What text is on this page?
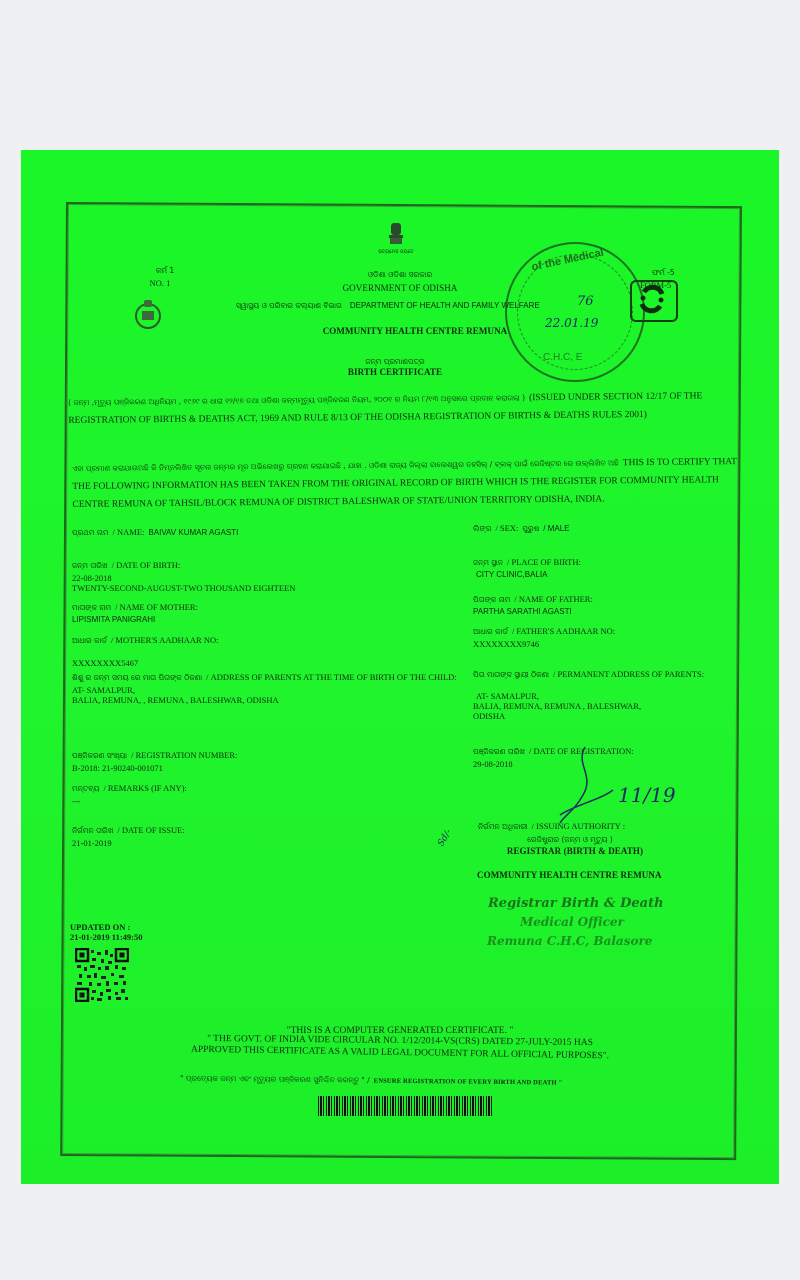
ସତ୍ୟମେବ ଜୟତେ
କର୍ମ 1
NO. 1
ଓଡିଶା ଓଡିଶା ସରକାର
GOVERNMENT OF ODISHA
ସ୍ୱାସ୍ଥ୍ୟ ଓ ପରିବାର କଲ୍ୟାଣ ବିଭାଗ DEPARTMENT OF HEALTH AND FAMILY WELFARE
COMMUNITY HEALTH CENTRE REMUNA
ଜନ୍ମ ପ୍ରମାଣପତ୍ର
BIRTH CERTIFICATE
of the Medical
76
22.01.19
C.H.C, E
ଫର୍ମ -5
FORM-5
( ଜନ୍ମ ,ମୃତ୍ୟୁ ପଞ୍ଜିକରଣ ଅଧିନିୟମ , ୧୯୬୯ ର ଧାରା ୧୨/୧୭ ତଥା ଓଡିଶା ଜନ୍ମମୃତ୍ୟୁ ପଞ୍ଜିକରଣ ନିୟମ, ୨୦୦୧ ର ନିୟମ ୮/୧୩ ଅନୁସାରେ ପ୍ରଦାନ କରାଗଲା ) (ISSUED UNDER SECTION 12/17 OF THE REGISTRATION OF BIRTHS & DEATHS ACT, 1969 AND RULE 8/13 OF THE ODISHA REGISTRATION OF BIRTHS & DEATHS RULES 2001)
ଏହା ପ୍ରମାଣ କରାଯାଉଅଛି କି ନିମ୍ନଲିଖିତ ସୂଚନା ଜନ୍ମର ମୂଳ ଅଭିଲେଖରୁ ଗ୍ରହଣ କରାଯାଇଛି , ଯାହା . ଓଡିଶା ରାଜ୍ୟ ଜିଲ୍ଲା ବାଲେଶ୍ୱର ତହସିଲ୍ / ବ୍ଲକ୍ ପାଇଁ ରେଜିଷ୍ଟର ରେ ଉଲ୍ଲିଖିତ ଅଛି THIS IS TO CERTIFY THAT THE FOLLOWING INFORMATION HAS BEEN TAKEN FROM THE ORIGINAL RECORD OF BIRTH WHICH IS THE REGISTER FOR COMMUNITY HEALTH CENTRE REMUNA OF TAHSIL/BLOCK REMUNA OF DISTRICT BALESHWAR OF STATE/UNION TERRITORY ODISHA, INDIA.
ପ୍ରଥମ ନାମ / NAME: BAIVAV KUMAR AGASTI
ଜନ୍ମ ତାରିଖ / DATE OF BIRTH:
22-08-2018
TWENTY-SECOND-AUGUST-TWO THOUSAND EIGHTEEN
ମାତାଙ୍କ ନାମ / NAME OF MOTHER:
LIPISMITA PANIGRAHI
ଆଧାର କାର୍ଡ / MOTHER'S AADHAAR NO:
XXXXXXXX5467
ଶିଶୁ ର ଜନ୍ମ ସମୟ ରେ ମାତା ପିତାଙ୍କ ଠିକଣା / ADDRESS OF PARENTS AT THE TIME OF BIRTH OF THE CHILD:
AT- SAMALPUR,
BALIA, REMUNA, , REMUNA , BALESHWAR, ODISHA
ପଞ୍ଜିକରଣ ସଂଖ୍ୟା / REGISTRATION NUMBER:
B-2018: 21-90240-001071
ମନ୍ତବ୍ୟ / REMARKS (IF ANY):
---
ନିର୍ଗମନ ତାରିଖ / DATE OF ISSUE:
21-01-2019
ଲିଙ୍ଗ / SEX: ପୁରୁଷ / MALE
ଜନ୍ମ ସ୍ଥାନ / PLACE OF BIRTH:
CITY CLINIC,BALIA
ପିତାଙ୍କ ନାମ / NAME OF FATHER:
PARTHA SARATHI AGASTI
ଆଧାର କାର୍ଡ / FATHER'S AADHAAR NO:
XXXXXXXX9746
ପିତା ମାତାଙ୍କ ସ୍ଥାୟୀ ଠିକଣା / PERMANENT ADDRESS OF PARENTS:
AT- SAMALPUR,
BALIA, REMUNA, REMUNA , BALESHWAR,
ODISHA
ପଞ୍ଜିକରଣ ତାରିଖ / DATE OF REGISTRATION:
29-08-2018
11/19
Sd/-
ନିର୍ଗମନ ଅଧିକାରୀ / ISSUING AUTHORITY :
ରେଜିଷ୍ଟ୍ରାର (ଜନ୍ମ ଓ ମୃତ୍ୟୁ )
REGISTRAR (BIRTH & DEATH)
COMMUNITY HEALTH CENTRE REMUNA
Registrar Birth & Death
Medical Officer
Remuna C.H.C, Balasore
UPDATED ON :
21-01-2019 11:49:50
"THIS IS A COMPUTER GENERATED CERTIFICATE. "
" THE GOVT. OF INDIA VIDE CIRCULAR NO. 1/12/2014-VS(CRS) DATED 27-JULY-2015 HAS
APPROVED THIS CERTIFICATE AS A VALID LEGAL DOCUMENT FOR ALL OFFICIAL PURPOSES".
" ପ୍ରତ୍ୟେକ ଜନ୍ମ ଏବଂ ମୃତ୍ୟୁର ପଞ୍ଜିକରଣ ସୁନିଶ୍ଚିତ କରନ୍ତୁ " / ENSURE REGISTRATION OF EVERY BIRTH AND DEATH "
